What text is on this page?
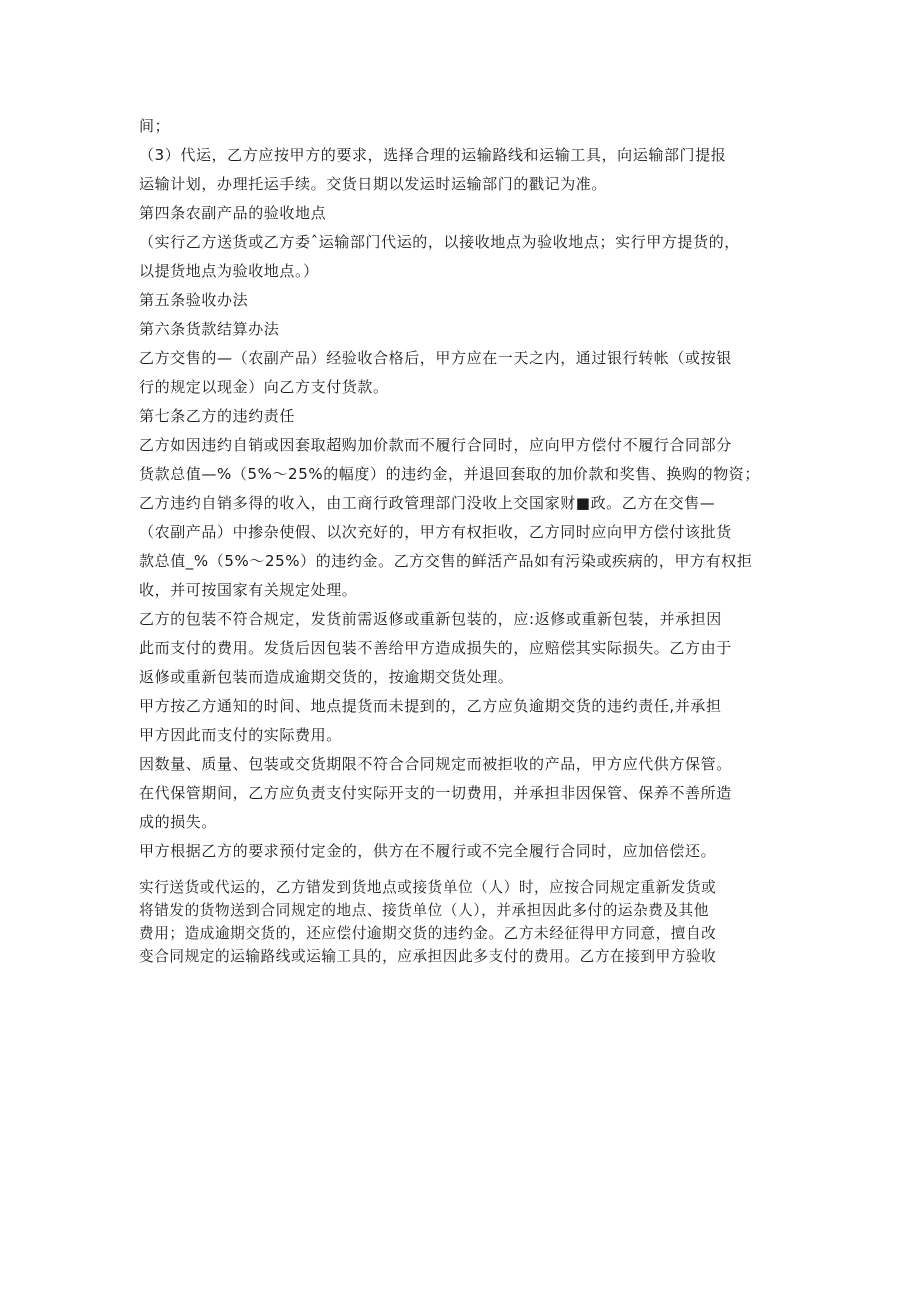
间；
（3）代运，乙方应按甲方的要求，选择合理的运输路线和运输工具，向运输部门提报
运输计划，办理托运手续。交货日期以发运时运输部门的戳记为准。
第四条农副产品的验收地点
（实行乙方送货或乙方委ˆ运输部门代运的，以接收地点为验收地点；实行甲方提货的，
以提货地点为验收地点。）
第五条验收办法
第六条货款结算办法
乙方交售的—（农副产品）经验收合格后，甲方应在一天之内，通过银行转帐（或按银
行的规定以现金）向乙方支付货款。
第七条乙方的违约责任
乙方如因违约自销或因套取超购加价款而不履行合同时，应向甲方偿付不履行合同部分
货款总值—%（5%～25%的幅度）的违约金，并退回套取的加价款和奖售、换购的物资；
乙方违约自销多得的收入，由工商行政管理部门没收上交国家财■政。乙方在交售—
（农副产品）中掺杂使假、以次充好的，甲方有权拒收，乙方同时应向甲方偿付该批货
款总值_%（5%～25%）的违约金。乙方交售的鲜活产品如有污染或疾病的，甲方有权拒
收，并可按国家有关规定处理。
乙方的包装不符合规定，发货前需返修或重新包装的，应:返修或重新包装，并承担因
此而支付的费用。发货后因包装不善给甲方造成损失的，应赔偿其实际损失。乙方由于
返修或重新包装而造成逾期交货的，按逾期交货处理。
甲方按乙方通知的时间、地点提货而未提到的，乙方应负逾期交货的违约责任,并承担
甲方因此而支付的实际费用。
因数量、质量、包装或交货期限不符合合同规定而被拒收的产品，甲方应代供方保管。
在代保管期间，乙方应负责支付实际开支的一切费用，并承担非因保管、保养不善所造
成的损失。
甲方根据乙方的要求预付定金的，供方在不履行或不完全履行合同时，应加倍偿还。
实行送货或代运的，乙方错发到货地点或接货单位（人）时，应按合同规定重新发货或
将错发的货物送到合同规定的地点、接货单位（人），并承担因此多付的运杂费及其他
费用；造成逾期交货的，还应偿付逾期交货的违约金。乙方未经征得甲方同意，擅自改
变合同规定的运输路线或运输工具的，应承担因此多支付的费用。乙方在接到甲方验收
